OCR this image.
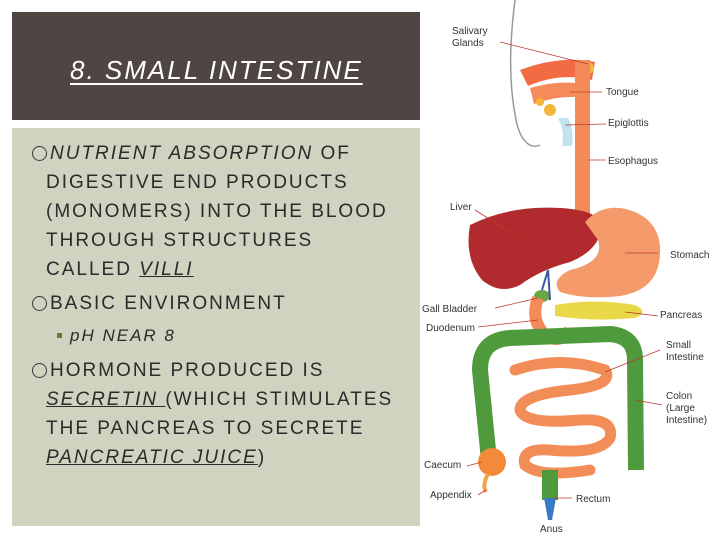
8. SMALL INTESTINE
NUTRIENT ABSORPTION OF
DIGESTIVE END PRODUCTS
(MONOMERS) INTO THE BLOOD
THROUGH STRUCTURES
CALLED VILLI
BASIC ENVIRONMENT
pH NEAR 8
HORMONE PRODUCED IS
SECRETIN (WHICH STIMULATES
THE PANCREAS TO SECRETE
PANCREATIC JUICE)
Salivary
Glands
Tongue
Epiglottis
Esophagus
Liver
Stomach
Gall Bladder
Pancreas
Duodenum
Small
Intestine
Colon
(Large
Intestine)
Caecum
Appendix	Rectum
Anus
